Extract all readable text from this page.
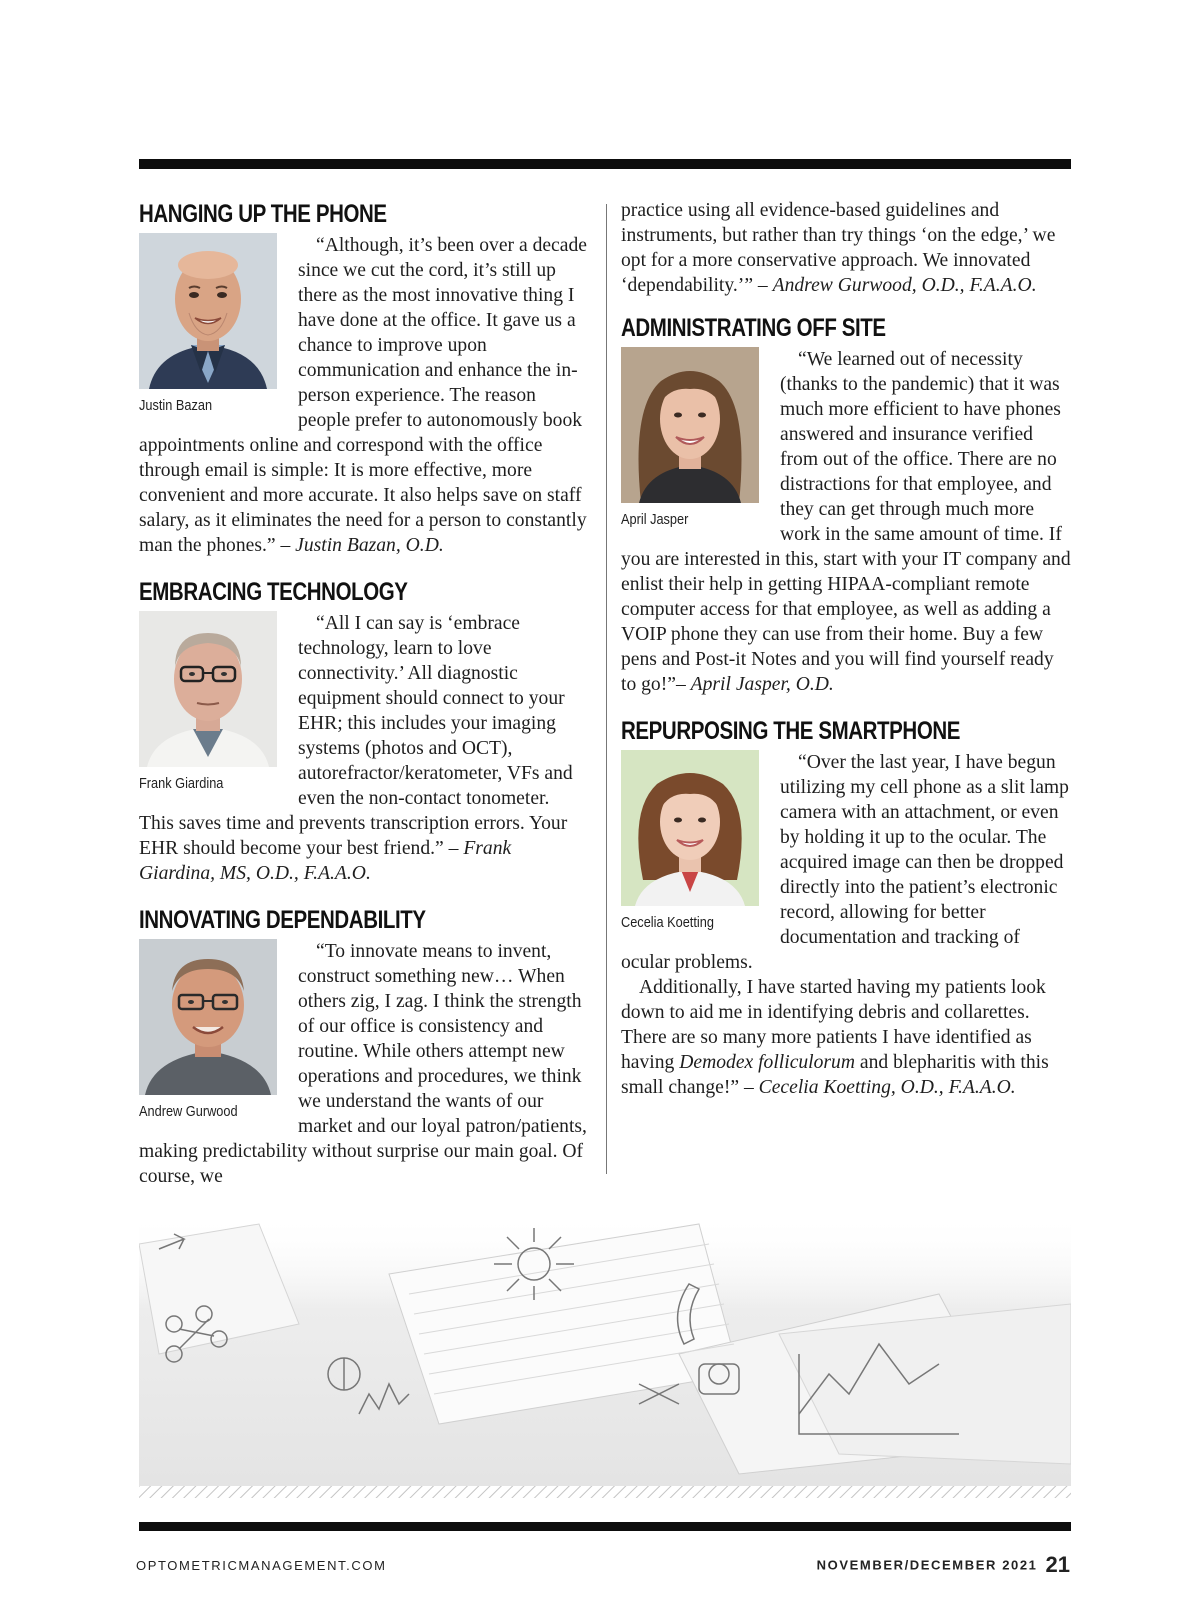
HANGING UP THE PHONE
Justin Bazan
“Although, it’s been over a decade since we cut the cord, it’s still up there as the most innovative thing I have done at the office. It gave us a chance to improve upon communication and enhance the in-person experience. The reason people prefer to autonomously book appointments online and correspond with the office through email is simple: It is more effective, more convenient and more accurate. It also helps save on staff salary, as it eliminates the need for a person to constantly man the phones.” – Justin Bazan, O.D.
EMBRACING TECHNOLOGY
Frank Giardina
“All I can say is ‘embrace technology, learn to love connectivity.’ All diagnostic equipment should connect to your EHR; this includes your imaging systems (photos and OCT), autorefractor/keratometer, VFs and even the non-contact tonometer. This saves time and prevents transcription errors. Your EHR should become your best friend.” – Frank Giardina, MS, O.D., F.A.A.O.
INNOVATING DEPENDABILITY
Andrew Gurwood
“To innovate means to invent, construct something new… When others zig, I zag. I think the strength of our office is consistency and routine. While others attempt new operations and procedures, we think we understand the wants of our market and our loyal patron/patients, making predictability without surprise our main goal. Of course, we
practice using all evidence-based guidelines and instruments, but rather than try things ‘on the edge,’ we opt for a more conservative approach. We innovated ‘dependability.’” – Andrew Gurwood, O.D., F.A.A.O.
ADMINISTRATING OFF SITE
April Jasper
“We learned out of necessity (thanks to the pandemic) that it was much more efficient to have phones answered and insurance verified from out of the office. There are no distractions for that employee, and they can get through much more work in the same amount of time. If you are interested in this, start with your IT company and enlist their help in getting HIPAA-compliant remote computer access for that employee, as well as adding a VOIP phone they can use from their home. Buy a few pens and Post-it Notes and you will find yourself ready to go!”– April Jasper, O.D.
REPURPOSING THE SMARTPHONE
Cecelia Koetting

“Over the last year, I have begun utilizing my cell phone as a slit lamp camera with an attachment, or even by holding it up to the ocular. The acquired image can then be dropped directly into the patient’s electronic record, allowing for better documentation and tracking of ocular problems.

Additionally, I have started having my patients look down to aid me in identifying debris and collarettes. There are so many more patients I have identified as having Demodex folliculorum and blepharitis with this small change!” – Cecelia Koetting, O.D., F.A.A.O.

OPTOMETRICMANAGEMENT.COM	NOVEMBER/DECEMBER 2021 21
